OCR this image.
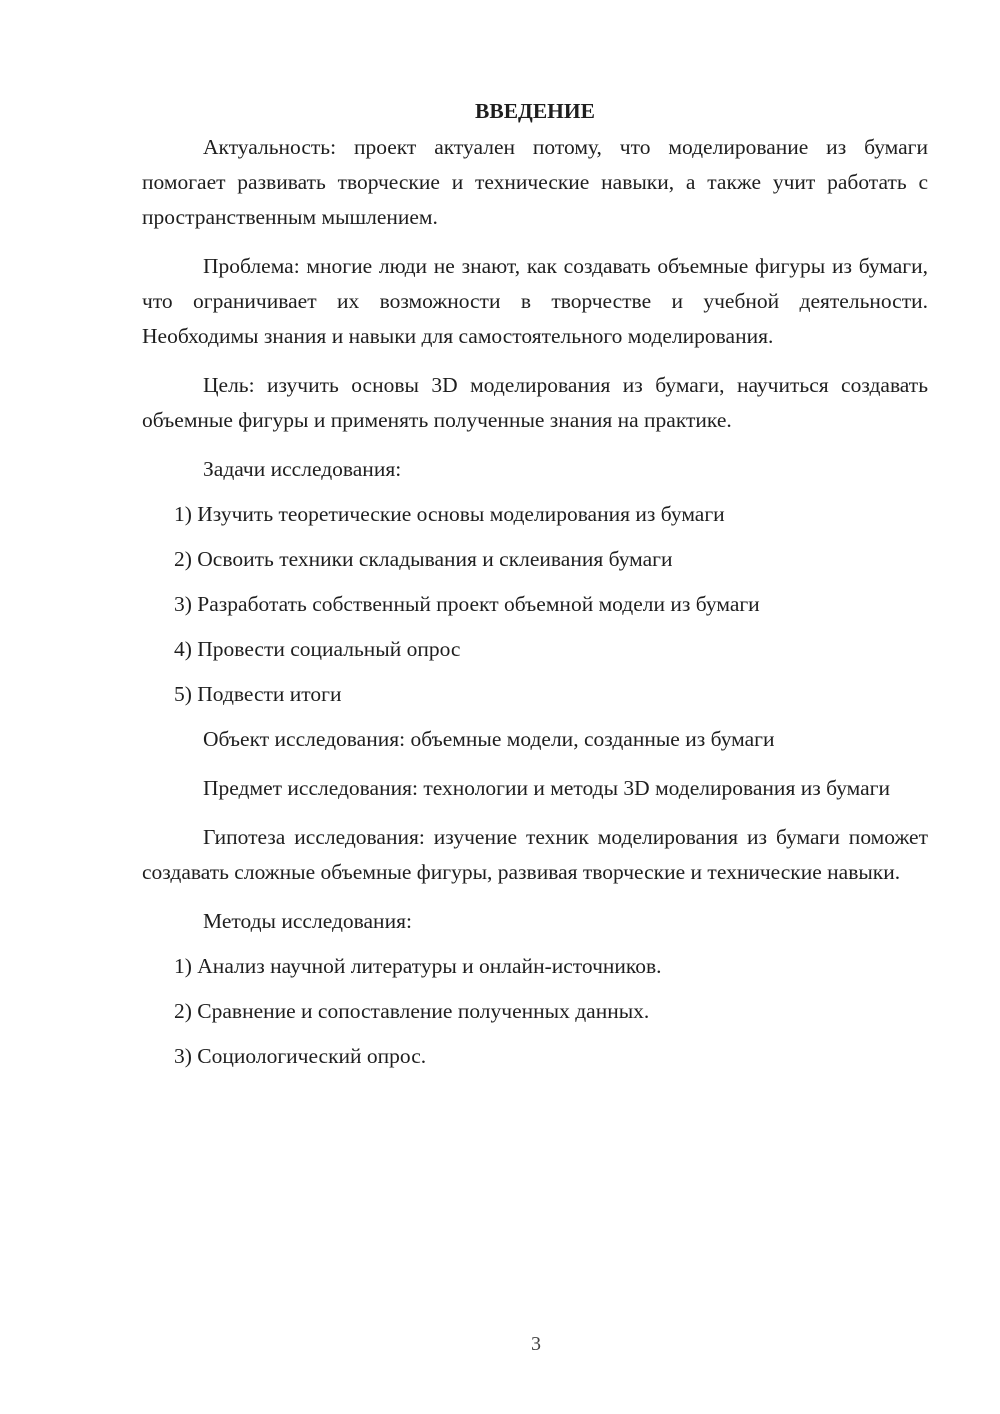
ВВЕДЕНИЕ

Актуальность: проект актуален потому, что моделирование из бумаги помогает развивать творческие и технические навыки, а также учит работать с пространственным мышлением.

Проблема: многие люди не знают, как создавать объемные фигуры из бумаги, что ограничивает их возможности в творчестве и учебной деятельности. Необходимы знания и навыки для самостоятельного моделирования.

Цель: изучить основы 3D моделирования из бумаги, научиться создавать объемные фигуры и применять полученные знания на практике.

Задачи исследования:

1) Изучить теоретические основы моделирования из бумаги
2) Освоить техники складывания и склеивания бумаги
3) Разработать собственный проект объемной модели из бумаги
4) Провести социальный опрос
5) Подвести итоги

Объект исследования: объемные модели, созданные из бумаги

Предмет исследования: технологии и методы 3D моделирования из бумаги

Гипотеза исследования: изучение техник моделирования из бумаги поможет создавать сложные объемные фигуры, развивая творческие и технические навыки.

Методы исследования:

1) Анализ научной литературы и онлайн-источников.
2) Сравнение и сопоставление полученных данных.
3) Социологический опрос.
3
